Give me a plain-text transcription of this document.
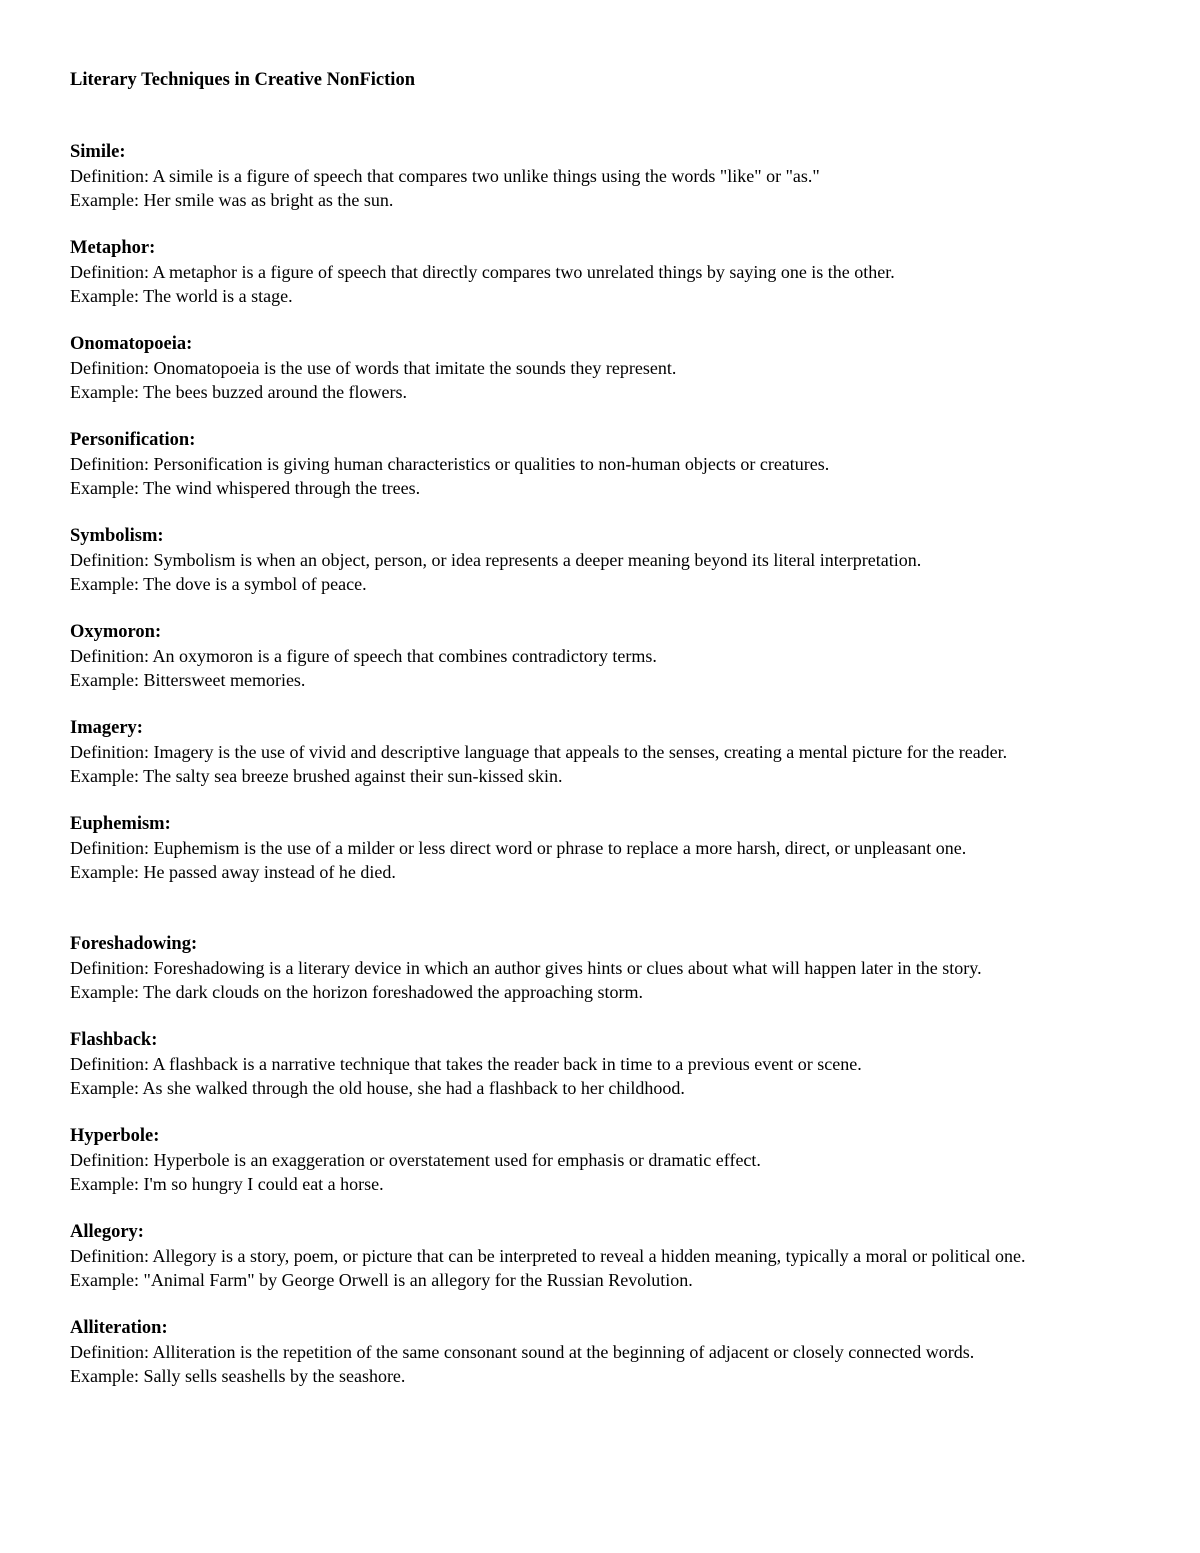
Literary Techniques in Creative NonFiction
Simile:
Definition: A simile is a figure of speech that compares two unlike things using the words "like" or "as."
Example: Her smile was as bright as the sun.
Metaphor:
Definition: A metaphor is a figure of speech that directly compares two unrelated things by saying one is the other.
Example: The world is a stage.
Onomatopoeia:
Definition: Onomatopoeia is the use of words that imitate the sounds they represent.
Example: The bees buzzed around the flowers.
Personification:
Definition: Personification is giving human characteristics or qualities to non-human objects or creatures.
Example: The wind whispered through the trees.
Symbolism:
Definition: Symbolism is when an object, person, or idea represents a deeper meaning beyond its literal interpretation.
Example: The dove is a symbol of peace.
Oxymoron:
Definition: An oxymoron is a figure of speech that combines contradictory terms.
Example: Bittersweet memories.
Imagery:
Definition: Imagery is the use of vivid and descriptive language that appeals to the senses, creating a mental picture for the reader.
Example: The salty sea breeze brushed against their sun-kissed skin.
Euphemism:
Definition: Euphemism is the use of a milder or less direct word or phrase to replace a more harsh, direct, or unpleasant one.
Example: He passed away instead of he died.
Foreshadowing:
Definition: Foreshadowing is a literary device in which an author gives hints or clues about what will happen later in the story.
Example: The dark clouds on the horizon foreshadowed the approaching storm.
Flashback:
Definition: A flashback is a narrative technique that takes the reader back in time to a previous event or scene.
Example: As she walked through the old house, she had a flashback to her childhood.
Hyperbole:
Definition: Hyperbole is an exaggeration or overstatement used for emphasis or dramatic effect.
Example: I'm so hungry I could eat a horse.
Allegory:
Definition: Allegory is a story, poem, or picture that can be interpreted to reveal a hidden meaning, typically a moral or political one.
Example: "Animal Farm" by George Orwell is an allegory for the Russian Revolution.
Alliteration:
Definition: Alliteration is the repetition of the same consonant sound at the beginning of adjacent or closely connected words.
Example: Sally sells seashells by the seashore.
